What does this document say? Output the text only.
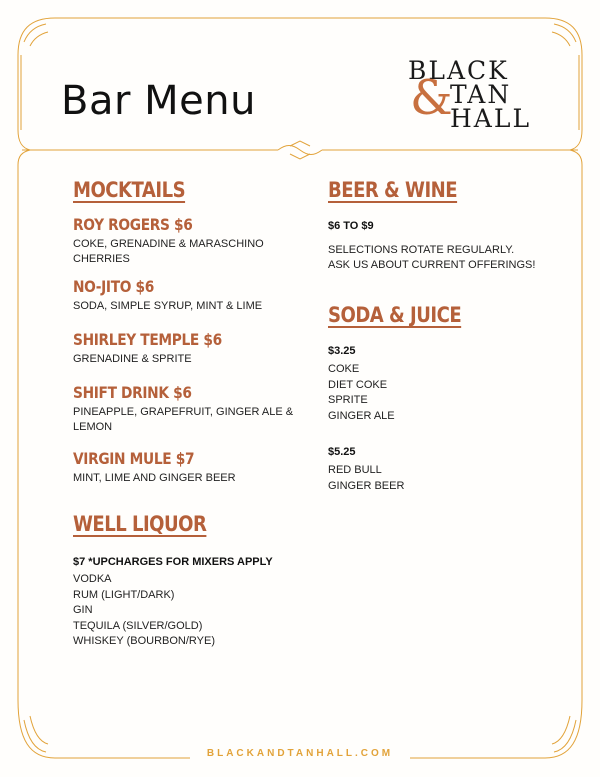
Bar Menu
BLACK
&
TAN
HALL
MOCKTAILS
ROY ROGERS $6
COKE, GRENADINE & MARASCHINO CHERRIES
NO-JITO $6
SODA, SIMPLE SYRUP, MINT & LIME
SHIRLEY TEMPLE $6
GRENADINE & SPRITE
SHIFT DRINK $6
PINEAPPLE, GRAPEFRUIT, GINGER ALE & LEMON
VIRGIN MULE $7
MINT, LIME AND GINGER BEER
WELL LIQUOR
$7 *UPCHARGES FOR MIXERS APPLY
VODKA
RUM (LIGHT/DARK)
GIN
TEQUILA (SILVER/GOLD)
WHISKEY (BOURBON/RYE)
BEER & WINE
$6 TO $9
SELECTIONS ROTATE REGULARLY. ASK US ABOUT CURRENT OFFERINGS!
SODA & JUICE
$3.25
COKE
DIET COKE
SPRITE
GINGER ALE
$5.25
RED BULL
GINGER BEER
BLACKANDTANHALL.COM
